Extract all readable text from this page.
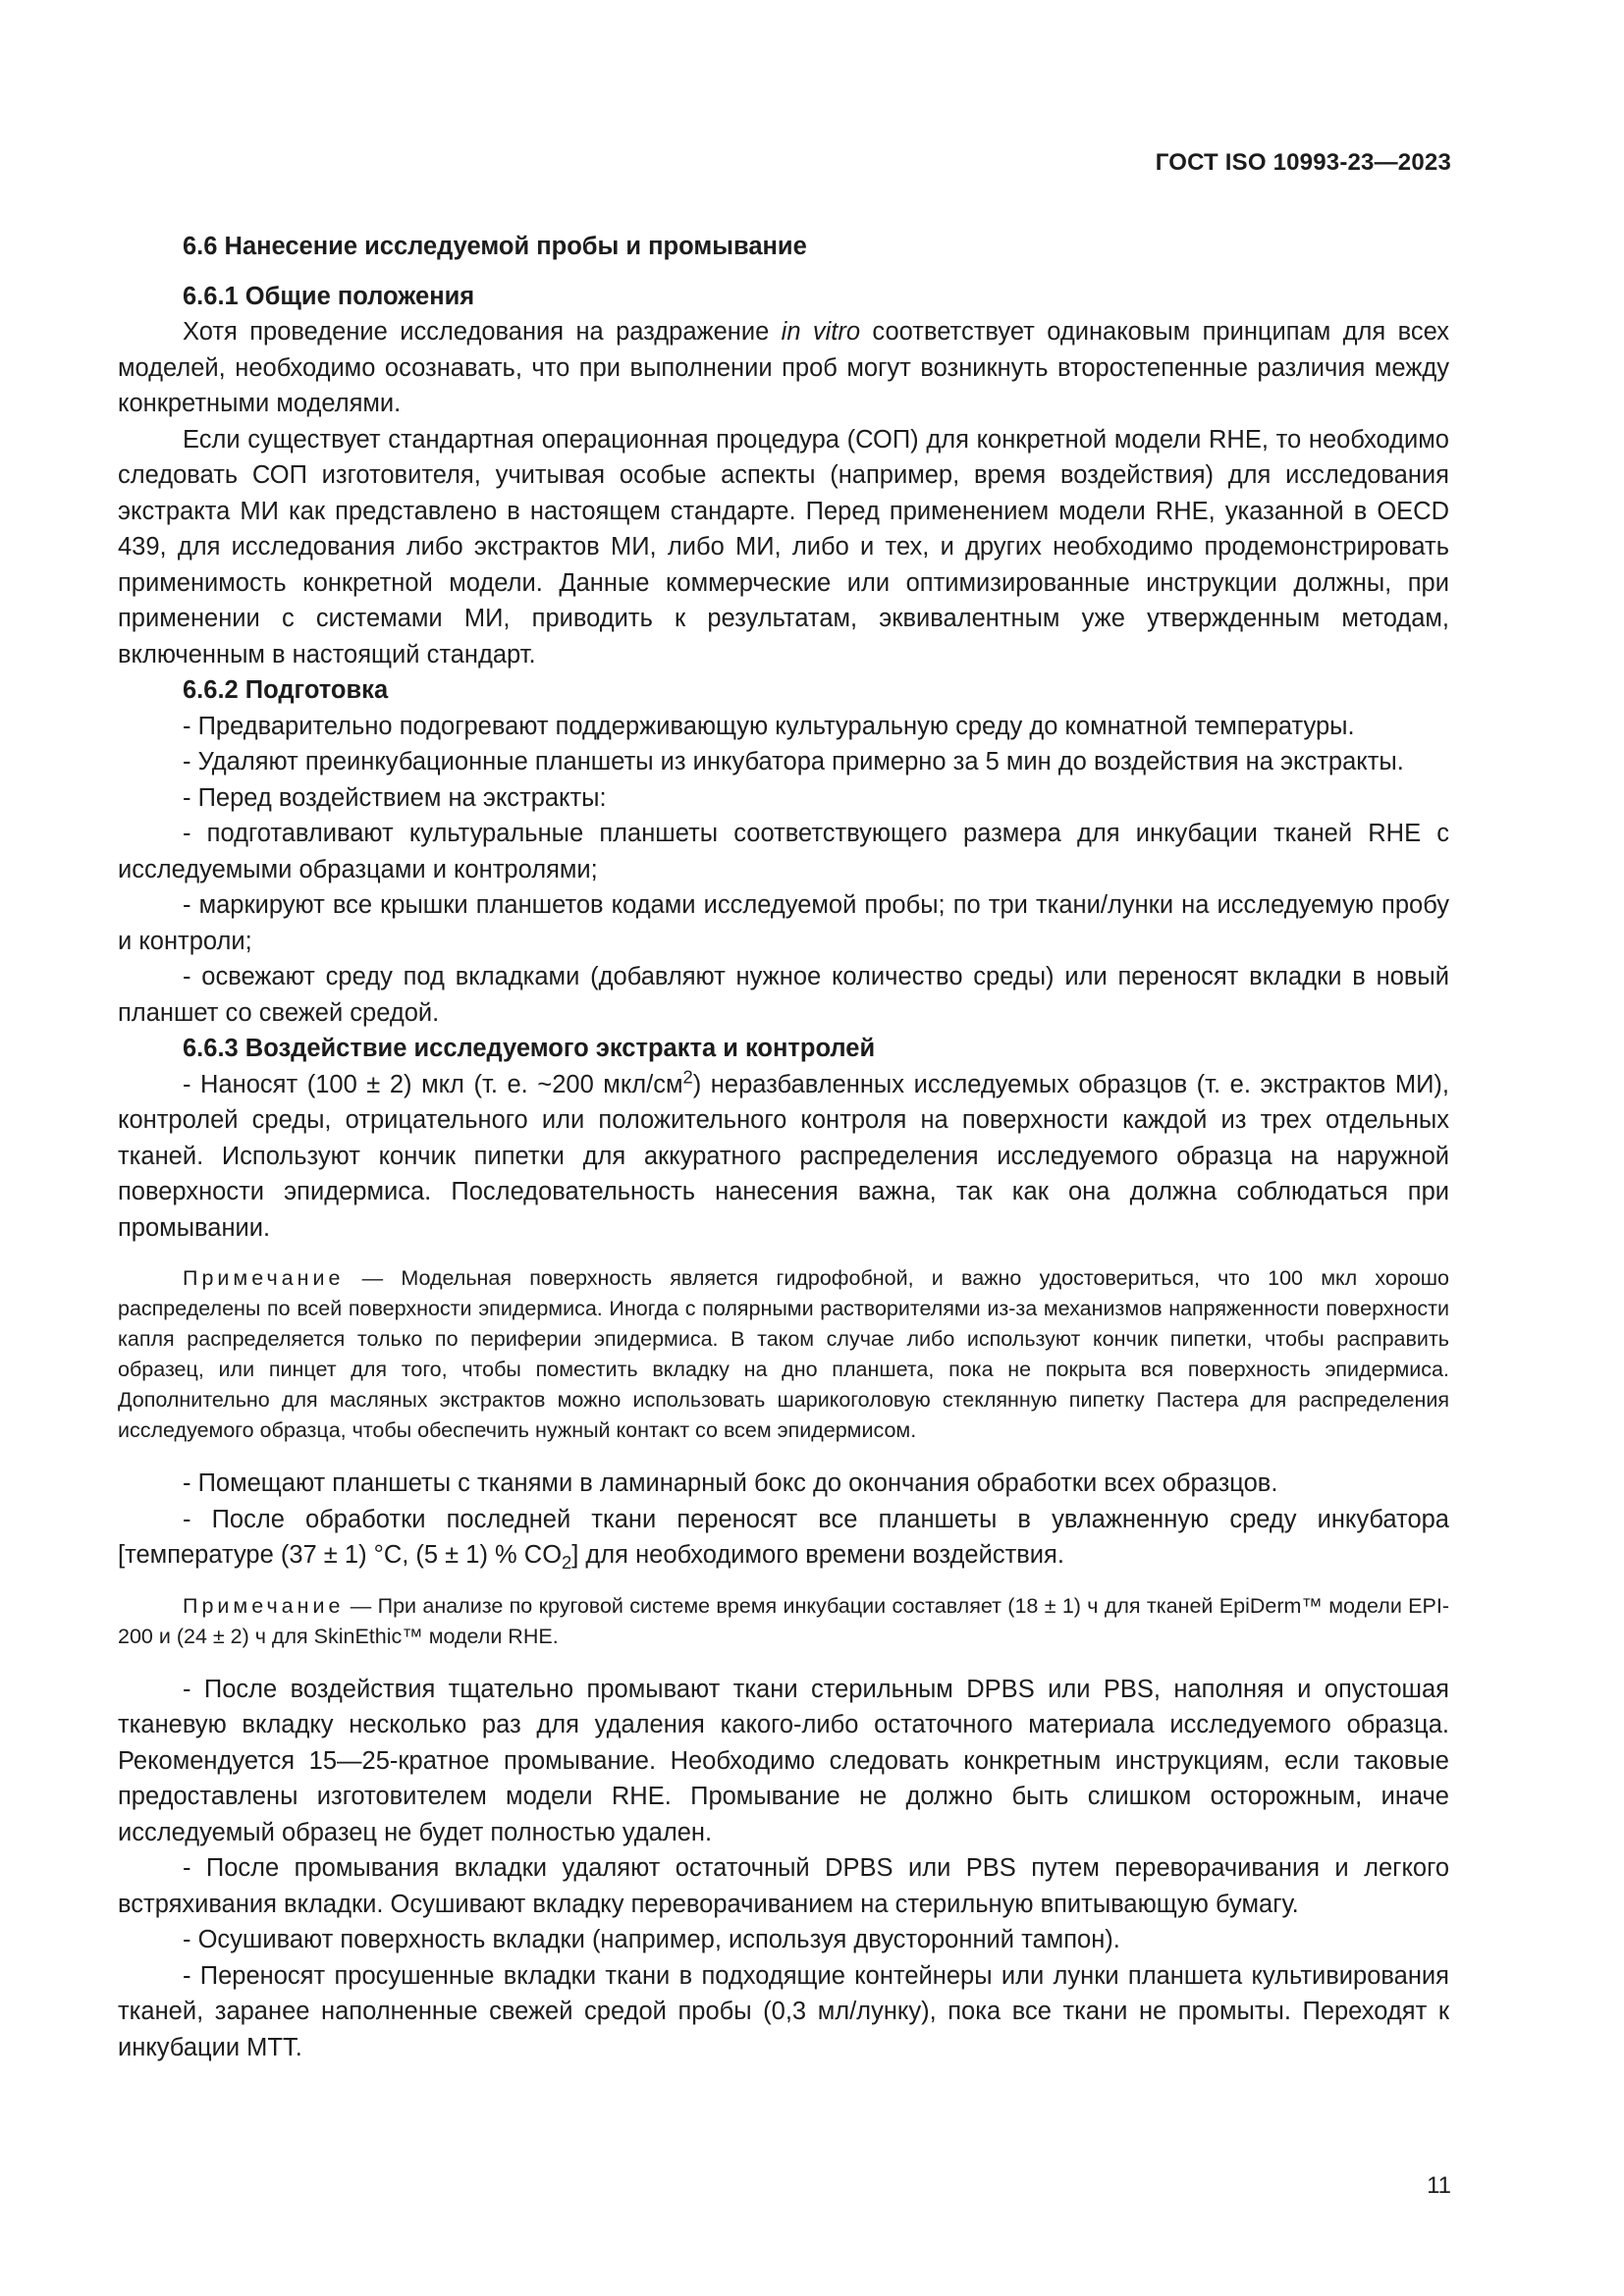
ГОСТ ISO 10993-23—2023

6.6 Нанесение исследуемой пробы и промывание

6.6.1 Общие положения

Хотя проведение исследования на раздражение in vitro соответствует одинаковым принципам для всех моделей, необходимо осознавать, что при выполнении проб могут возникнуть второстепенные различия между конкретными моделями.

Если существует стандартная операционная процедура (СОП) для конкретной модели RHE, то необходимо следовать СОП изготовителя, учитывая особые аспекты (например, время воздействия) для исследования экстракта МИ как представлено в настоящем стандарте. Перед применением модели RHE, указанной в OECD 439, для исследования либо экстрактов МИ, либо МИ, либо и тех, и других необходимо продемонстрировать применимость конкретной модели. Данные коммерческие или оптимизированные инструкции должны, при применении с системами МИ, приводить к результатам, эквивалентным уже утвержденным методам, включенным в настоящий стандарт.

6.6.2 Подготовка

- Предварительно подогревают поддерживающую культуральную среду до комнатной температуры.

- Удаляют преинкубационные планшеты из инкубатора примерно за 5 мин до воздействия на экстракты.

- Перед воздействием на экстракты:

- подготавливают культуральные планшеты соответствующего размера для инкубации тканей RHE с исследуемыми образцами и контролями;

- маркируют все крышки планшетов кодами исследуемой пробы; по три ткани/лунки на исследуемую пробу и контроли;

- освежают среду под вкладками (добавляют нужное количество среды) или переносят вкладки в новый планшет со свежей средой.

6.6.3 Воздействие исследуемого экстракта и контролей

- Наносят (100 ± 2) мкл (т. е. ~200 мкл/$см^2$) неразбавленных исследуемых образцов (т. е. экстрактов МИ), контролей среды, отрицательного или положительного контроля на поверхности каждой из трех отдельных тканей. Используют кончик пипетки для аккуратного распределения исследуемого образца на наружной поверхности эпидермиса. Последовательность нанесения важна, так как она должна соблюдаться при промывании.

Примечание — Модельная поверхность является гидрофобной, и важно удостовериться, что 100 мкл хорошо распределены по всей поверхности эпидермиса. Иногда с полярными растворителями из-за механизмов напряженности поверхности капля распределяется только по периферии эпидермиса. В таком случае либо используют кончик пипетки, чтобы расправить образец, или пинцет для того, чтобы поместить вкладку на дно планшета, пока не покрыта вся поверхность эпидермиса. Дополнительно для масляных экстрактов можно использовать шарикоголовую стеклянную пипетку Пастера для распределения исследуемого образца, чтобы обеспечить нужный контакт со всем эпидермисом.

- Помещают планшеты с тканями в ламинарный бокс до окончания обработки всех образцов.

- После обработки последней ткани переносят все планшеты в увлажненную среду инкубатора [температуре (37 ± 1) °С, (5 ± 1) % $CO_2$] для необходимого времени воздействия.

Примечание — При анализе по круговой системе время инкубации составляет (18 ± 1) ч для тканей EpiDerm™ модели EPI-200 и (24 ± 2) ч для SkinEthic™ модели RHE.

- После воздействия тщательно промывают ткани стерильным DPBS или PBS, наполняя и опустошая тканевую вкладку несколько раз для удаления какого-либо остаточного материала исследуемого образца. Рекомендуется 15—25-кратное промывание. Необходимо следовать конкретным инструкциям, если таковые предоставлены изготовителем модели RHE. Промывание не должно быть слишком осторожным, иначе исследуемый образец не будет полностью удален.

- После промывания вкладки удаляют остаточный DPBS или PBS путем переворачивания и легкого встряхивания вкладки. Осушивают вкладку переворачиванием на стерильную впитывающую бумагу.

- Осушивают поверхность вкладки (например, используя двусторонний тампон).

- Переносят просушенные вкладки ткани в подходящие контейнеры или лунки планшета культивирования тканей, заранее наполненные свежей средой пробы (0,3 мл/лунку), пока все ткани не промыты. Переходят к инкубации МТТ.

11
